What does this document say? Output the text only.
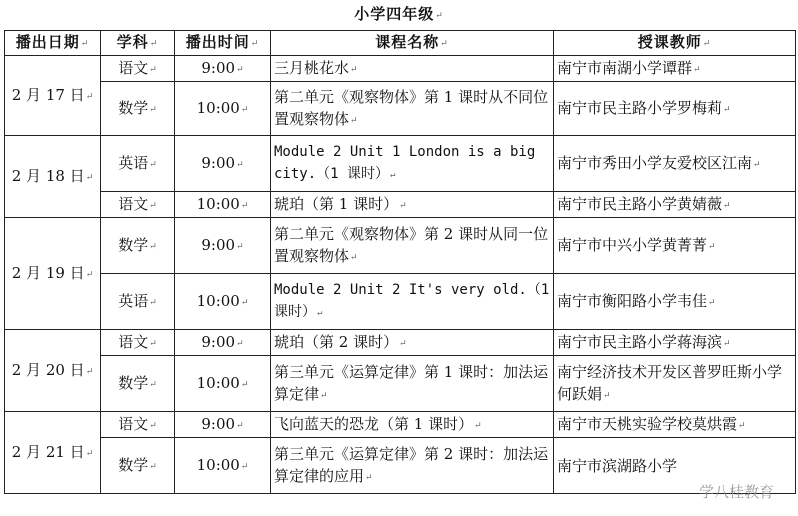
小学四年级↵
播出日期↵	学科↵	播出时间↵	课程名称↵	授课教师↵
2 月 17 日↵	语文↵	9:00↵	三月桃花水↵	南宁市南湖小学谭群↵
	数学↵	10:00↵	第二单元《观察物体》第 1 课时从不同位置观察物体↵	南宁市民主路小学罗梅莉↵
2 月 18 日↵	英语↵	9:00↵	Module 2 Unit 1 London is a big city.（1 课时）↵	南宁市秀田小学友爱校区江南↵
	语文↵	10:00↵	琥珀（第 1 课时）↵	南宁市民主路小学黄婧薇↵
2 月 19 日↵	数学↵	9:00↵	第二单元《观察物体》第 2 课时从同一位置观察物体↵	南宁市中兴小学黄菁菁↵
	英语↵	10:00↵	Module 2 Unit 2 It's very old.（1 课时）↵	南宁市衡阳路小学韦佳↵
2 月 20 日↵	语文↵	9:00↵	琥珀（第 2 课时）↵	南宁市民主路小学蒋海滨↵
	数学↵	10:00↵	第三单元《运算定律》第 1 课时：加法运算定律↵	南宁经济技术开发区普罗旺斯小学何跃娟↵
2 月 21 日↵	语文↵	9:00↵	飞向蓝天的恐龙（第 1 课时）↵	南宁市天桃实验学校莫烘霞↵
	数学↵	10:00↵	第三单元《运算定律》第 2 课时：加法运算定律的应用↵	南宁市滨湖路小学
学八桂教育
